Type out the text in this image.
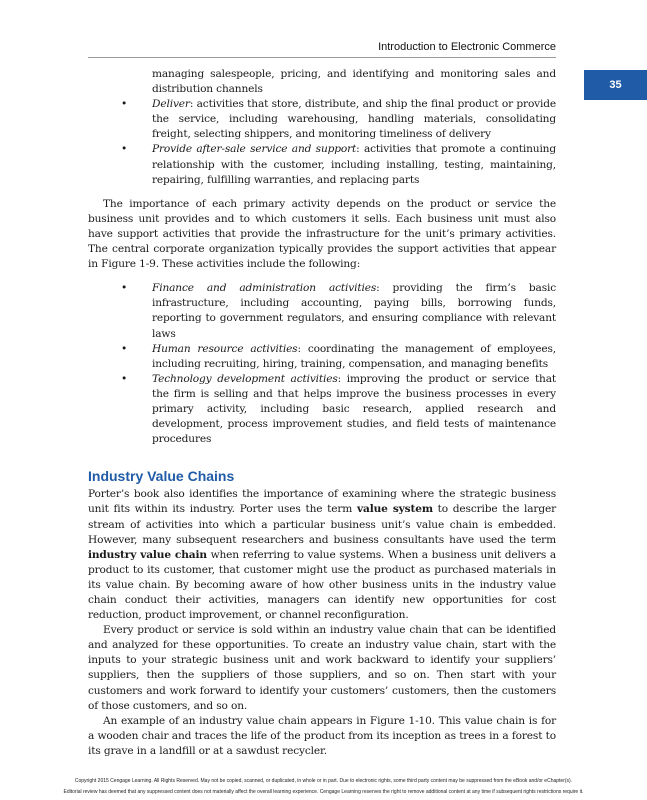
Introduction to Electronic Commerce
35

managing salespeople, pricing, and identifying and monitoring sales and distribution channels

• Deliver: activities that store, distribute, and ship the final product or provide the service, including warehousing, handling materials, consolidating freight, selecting shippers, and monitoring timeliness of delivery

• Provide after-sale service and support: activities that promote a continuing relationship with the customer, including installing, testing, maintaining, repairing, fulfilling warranties, and replacing parts

The importance of each primary activity depends on the product or service the business unit provides and to which customers it sells. Each business unit must also have support activities that provide the infrastructure for the unit’s primary activities. The central corporate organization typically provides the support activities that appear in Figure 1-9. These activities include the following:

• Finance and administration activities: providing the firm’s basic infrastructure, including accounting, paying bills, borrowing funds, reporting to government regulators, and ensuring compliance with relevant laws

• Human resource activities: coordinating the management of employees, including recruiting, hiring, training, compensation, and managing benefits

• Technology development activities: improving the product or service that the firm is selling and that helps improve the business processes in every primary activity, including basic research, applied research and development, process improvement studies, and field tests of maintenance procedures

Industry Value Chains

Porter’s book also identifies the importance of examining where the strategic business unit fits within its industry. Porter uses the term value system to describe the larger stream of activities into which a particular business unit’s value chain is embedded. However, many subsequent researchers and business consultants have used the term industry value chain when referring to value systems. When a business unit delivers a product to its customer, that customer might use the product as purchased materials in its value chain. By becoming aware of how other business units in the industry value chain conduct their activities, managers can identify new opportunities for cost reduction, product improvement, or channel reconfiguration.

Every product or service is sold within an industry value chain that can be identified and analyzed for these opportunities. To create an industry value chain, start with the inputs to your strategic business unit and work backward to identify your suppliers’ suppliers, then the suppliers of those suppliers, and so on. Then start with your customers and work forward to identify your customers’ customers, then the customers of those customers, and so on.

An example of an industry value chain appears in Figure 1-10. This value chain is for a wooden chair and traces the life of the product from its inception as trees in a forest to its grave in a landfill or at a sawdust recycler.

Copyright 2015 Cengage Learning. All Rights Reserved. May not be copied, scanned, or duplicated, in whole or in part. Due to electronic rights, some third party content may be suppressed from the eBook and/or eChapter(s).
Editorial review has deemed that any suppressed content does not materially affect the overall learning experience. Cengage Learning reserves the right to remove additional content at any time if subsequent rights restrictions require it.
